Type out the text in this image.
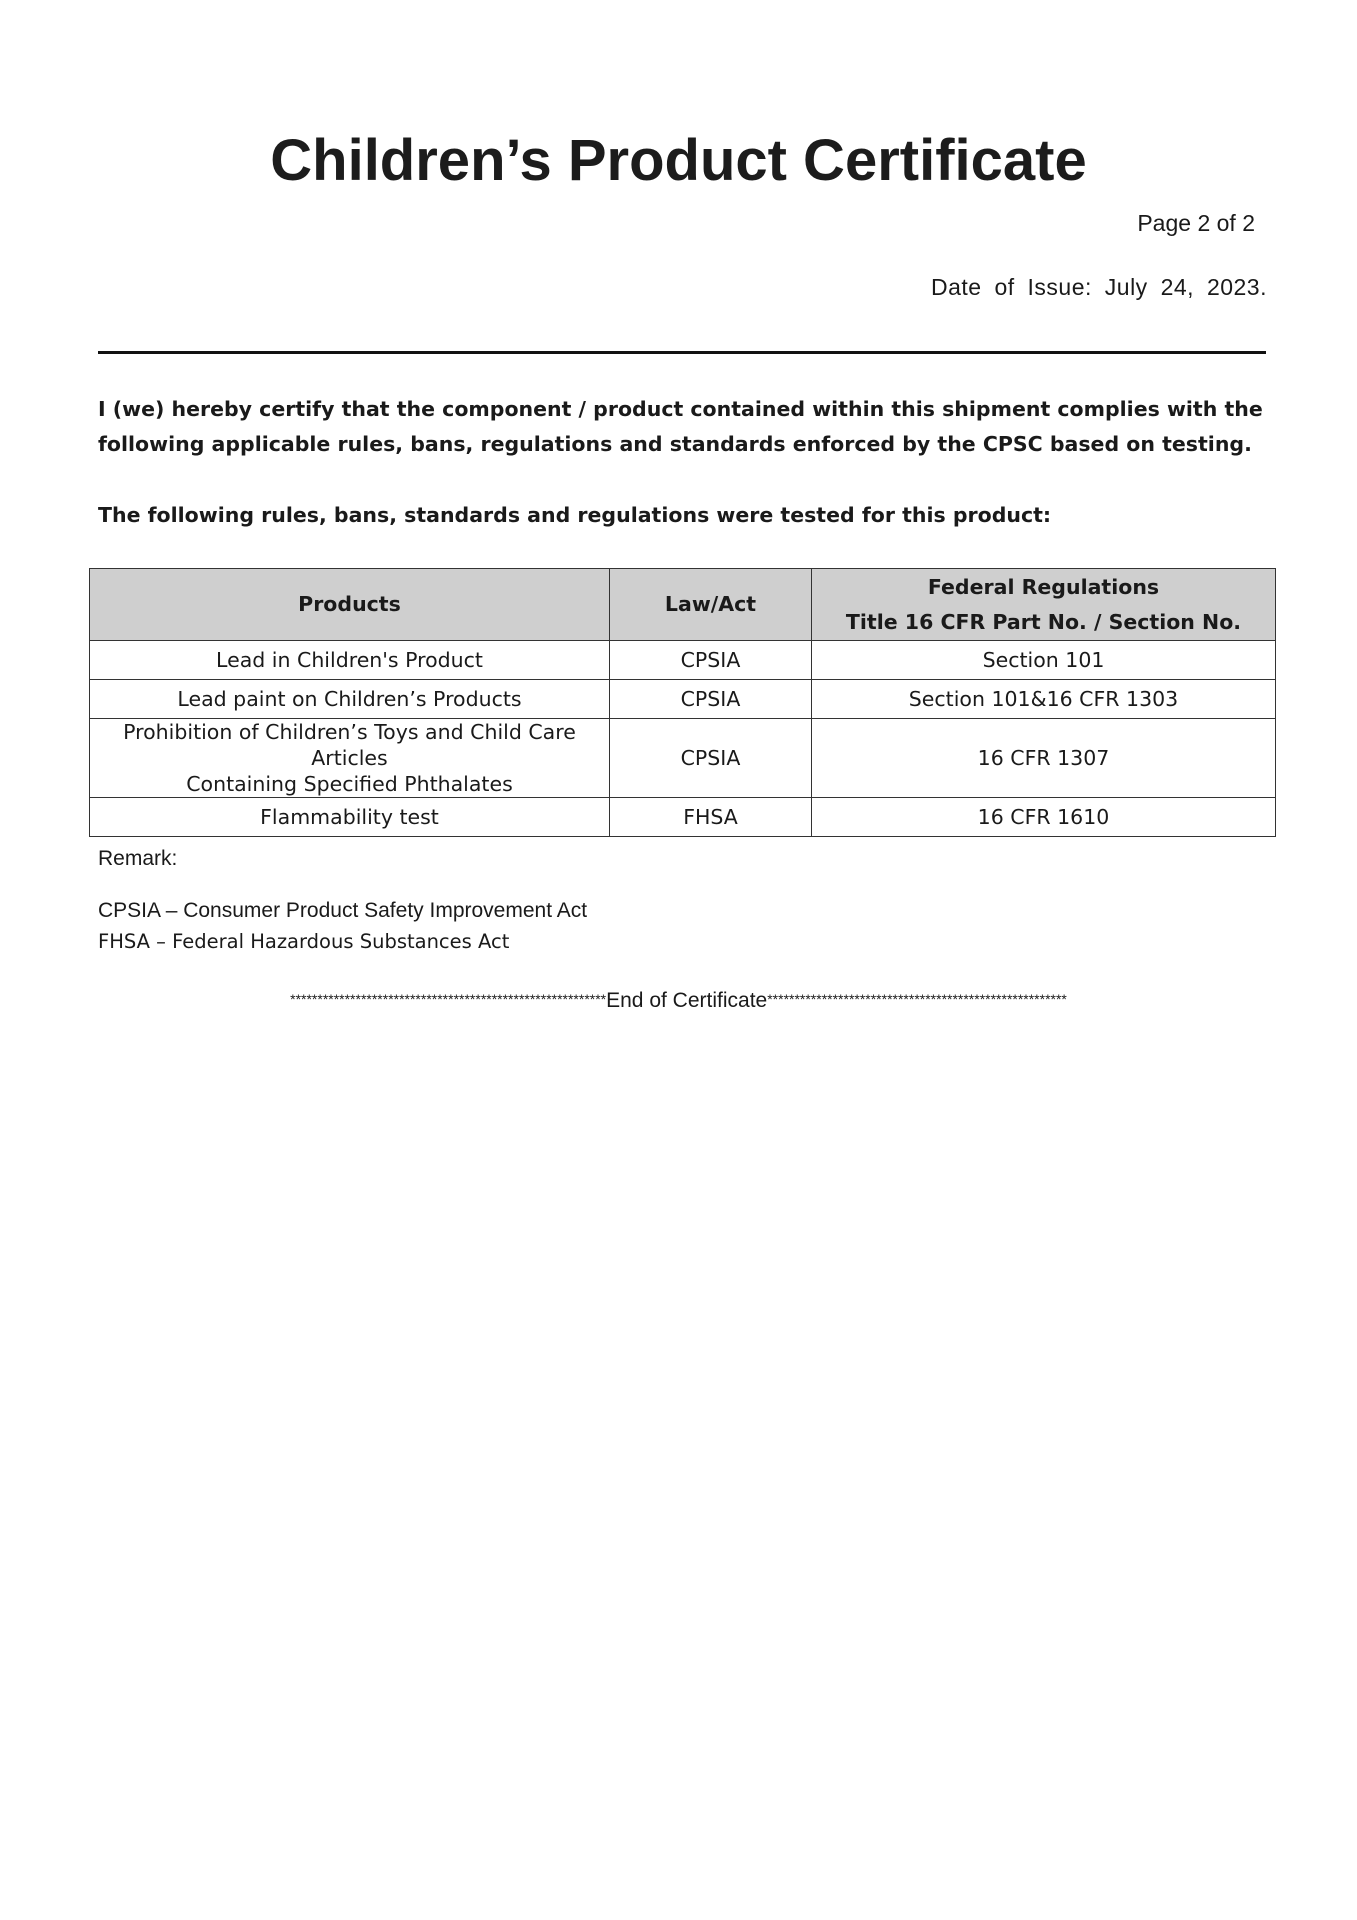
Children’s Product Certificate
Page 2 of 2
Date of Issue: July 24, 2023.

I (we) hereby certify that the component / product contained within this shipment complies with the following applicable rules, bans, regulations and standards enforced by the CPSC based on testing.

The following rules, bans, standards and regulations were tested for this product:

Products	Law/Act	Federal Regulations
Title 16 CFR Part No. / Section No.

Lead in Children's Product	CPSIA	Section 101
Lead paint on Children’s Products	CPSIA	Section 101&16 CFR 1303

Prohibition of Children’s Toys and Child Care Articles
Containing Specified Phthalates	CPSIA	16 CFR 1307
Flammability test	FHSA	16 CFR 1610
Remark:
CPSIA – Consumer Product Safety Improvement Act
FHSA – Federal Hazardous Substances Act
**********************************************************End of Certificate*******************************************************
